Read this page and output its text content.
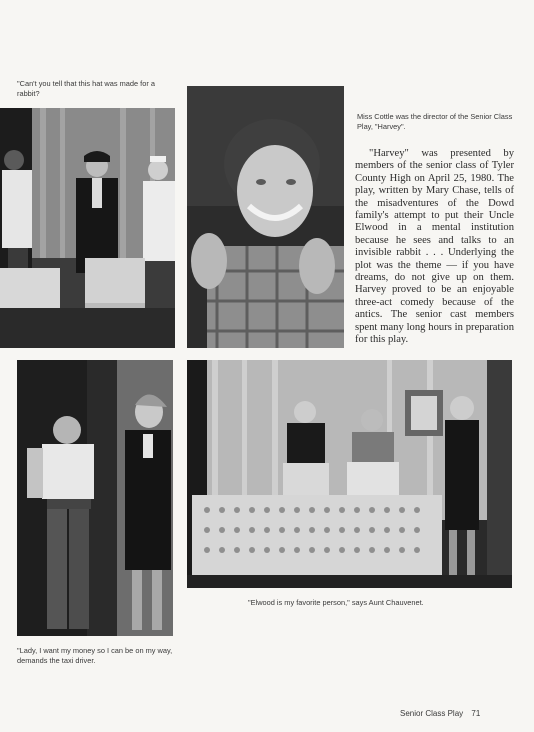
"Can't you tell that this hat was made for a rabbit?
Miss Cottle was the director of the Senior Class Play, "Harvey".
"Harvey" was presented by members of the senior class of Tyler County High on April 25, 1980. The play, written by Mary Chase, tells of the misadventures of the Dowd family's attempt to put their Uncle Elwood in a mental institution because he sees and talks to an invisible rabbit . . . Underlying the plot was the theme — if you have dreams, do not give up on them. Harvey proved to be an enjoyable three-act comedy because of the antics. The senior cast members spent many long hours in preparation for this play.
"Lady, I want my money so I can be on my way, demands the taxi driver.
"Elwood is my favorite person," says Aunt Chauvenet.
Senior Class Play 71
